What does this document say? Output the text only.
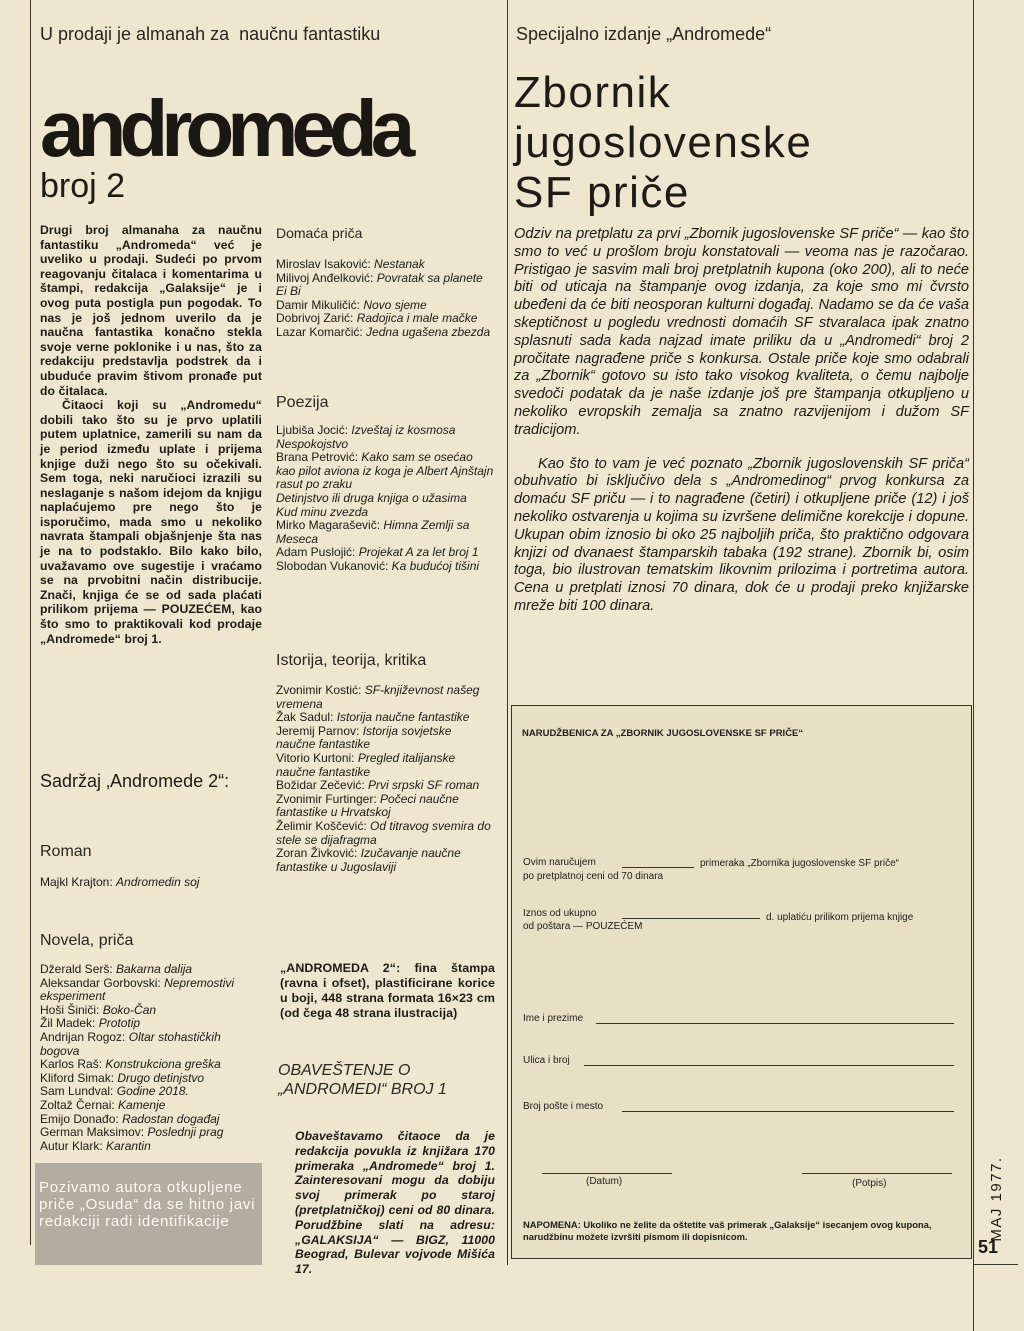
U prodaji je almanah za  naučnu fantastiku
andromeda
broj 2

Drugi broj almanaha za naučnu fantastiku „Andromeda“ već je uveliko u prodaji. Sudeći po prvom reagovanju čitalaca i komentarima u štampi, redakcija „Galaksije“ je i ovog puta postigla pun pogodak. To nas je još jednom uverilo da je naučna fantastika konačno stekla svoje verne poklonike i u nas, što za redakciju predstavlja podstrek da i ubuduće pravim štivom pronađe put do čitalaca.

Čitaoci koji su „Andromedu“ dobili tako što su je prvo uplatili putem uplatnice, zamerili su nam da je period između uplate i prijema knjige duži nego što su očekivali. Sem toga, neki naručioci izrazili su neslaganje s našom idejom da knjigu naplaćujemo pre nego što je isporučimo, mada smo u nekoliko navrata štampali objašnjenje šta nas je na to podstaklo. Bilo kako bilo, uvažavamo ove sugestije i vraćamo se na prvobitni način distribucije. Znači, knjiga će se od sada plaćati prilikom prijema — POUZEĆEM, kao što smo to praktikovali kod prodaje „Andromede“ broj 1.

Sadržaj ‚Andromede 2“:
Roman
Majkl Krajton: Andromedin soj
Novela, priča
Džerald Serš: Bakarna dalija
Aleksandar Gorbovski: Nepremostivi eksperiment
Hoši Šiniči: Boko-Čan
Žil Madek: Prototip
Andrijan Rogoz: Oltar stohastičkih bogova
Karlos Raš: Konstrukciona greška
Kliford Simak: Drugo detinjstvo
Sam Lundval: Godine 2018.
Zoltaž Černai: Kamenje
Emijo Donađo: Radostan događaj
German Maksimov: Poslednji prag
Autur Klark: Karantin
Pozivamo autora otkupljene priče „Osuda“ da se hitno javi redakciji radi identifikacije
Domaća priča
Miroslav Isaković: Nestanak
Milivoj Anđelković: Povratak sa planete Ei Bi
Damir Mikuličić: Novo sjeme
Dobrivoj Zarić: Radojica i male mačke
Lazar Komarčić: Jedna ugašena zbezda
Poezija
Ljubiša Jocić: Izveštaj iz kosmosa
Nespokojstvo
Brana Petrović: Kako sam se osećao kao pilot aviona iz koga je Albert Ajnštajn rasut po zraku
Detinjstvo ili druga knjiga o užasima
Kud minu zvezda
Mirko Magaraševič: Himna Zemlji sa Meseca
Adam Puslojić: Projekat A za let broj 1
Slobodan Vukanović: Ka budućoj tišini
Istorija, teorija, kritika
Zvonimir Kostić: SF-književnost našeg vremena
Žak Sadul: Istorija naučne fantastike
Jeremij Parnov: Istorija sovjetske naučne fantastike
Vitorio Kurtoni: Pregled italijanske naučne fantastike
Božidar Zečević: Prvi srpski SF roman
Zvonimir Furtinger: Počeci naučne fantastike u Hrvatskoj
Želimir Koščević: Od titravog svemira do stele se dijafragma
Zoran Živković: Izučavanje naučne fantastike u Jugoslaviji
„ANDROMEDA 2“: fina štampa (ravna i ofset), plastificirane korice u boji, 448 strana formata 16×23 cm (od čega 48 strana ilustracija)
OBAVEŠTENJE O „ANDROMEDI“ BROJ 1
Obaveštavamo čitaoce da je redakcija povukla iz knjižara 170 primeraka „Andromede“ broj 1. Zainteresovani mogu da dobiju svoj primerak po staroj (pretplatničkoj) ceni od 80 dinara. Porudžbine slati na adresu: „GALAKSIJA“ — BIGZ, 11000 Beograd, Bulevar vojvode Mišića 17.
Specijalno izdanje „Andromede“
Zbornik
jugoslovenske
SF priče

Odziv na pretplatu za prvi „Zbornik jugoslovenske SF priče“ — kao što smo to već u prošlom broju konstatovali — veoma nas je razočarao. Pristigao je sasvim mali broj pretplatnih kupona (oko 200), ali to neće biti od uticaja na štampanje ovog izdanja, za koje smo mi čvrsto ubeđeni da će biti neosporan kulturni događaj. Nadamo se da će vaša skeptičnost u pogledu vrednosti domaćih SF stvaralaca ipak znatno splasnuti sada kada najzad imate priliku da u „Andromedi“ broj 2 pročitate nagrađene priče s konkursa. Ostale priče koje smo odabrali za „Zbornik“ gotovo su isto tako visokog kvaliteta, o čemu najbolje svedoči podatak da je naše izdanje još pre štampanja otkupljeno u nekoliko evropskih zemalja sa znatno razvijenijom i dužom SF tradicijom.

Kao što to vam je već poznato „Zbornik jugoslovenskih SF priča“ obuhvatio bi isključivo dela s „Andromedinog“ prvog konkursa za domaću SF priču — i to nagrađene (četiri) i otkupljene priče (12) i još nekoliko ostvarenja u kojima su izvršene delimične korekcije i dopune. Ukupan obim iznosio bi oko 25 najboljih priča, što praktično odgovara knjizi od dvanaest štamparskih tabaka (192 strane). Zbornik bi, osim toga, bio ilustrovan tematskim likovnim prilozima i portretima autora. Cena u pretplati iznosi 70 dinara, dok će u prodaji preko knjižarske mreže biti 100 dinara.

NARUDŽBENICA ZA „ZBORNIK JUGOSLOVENSKE SF PRIČE“
Ovim naručujem	primeraka „Zbornika jugoslovenske SF priče“
po pretplatnoj ceni od 70 dinara
Iznos od ukupno	d. uplatiću prilikom prijema knjige
od poštara — POUZEĆEM
Ime i prezime
Ulica i broj
Broj pošte i mesto
(Datum)	(Potpis)
NAPOMENA: Ukoliko ne želite da oštetite vaš primerak „Galaksije“ isecanjem ovog kupona, narudžbinu možete izvršiti pismom ili dopisnicom.	MAJ 1977.
51
